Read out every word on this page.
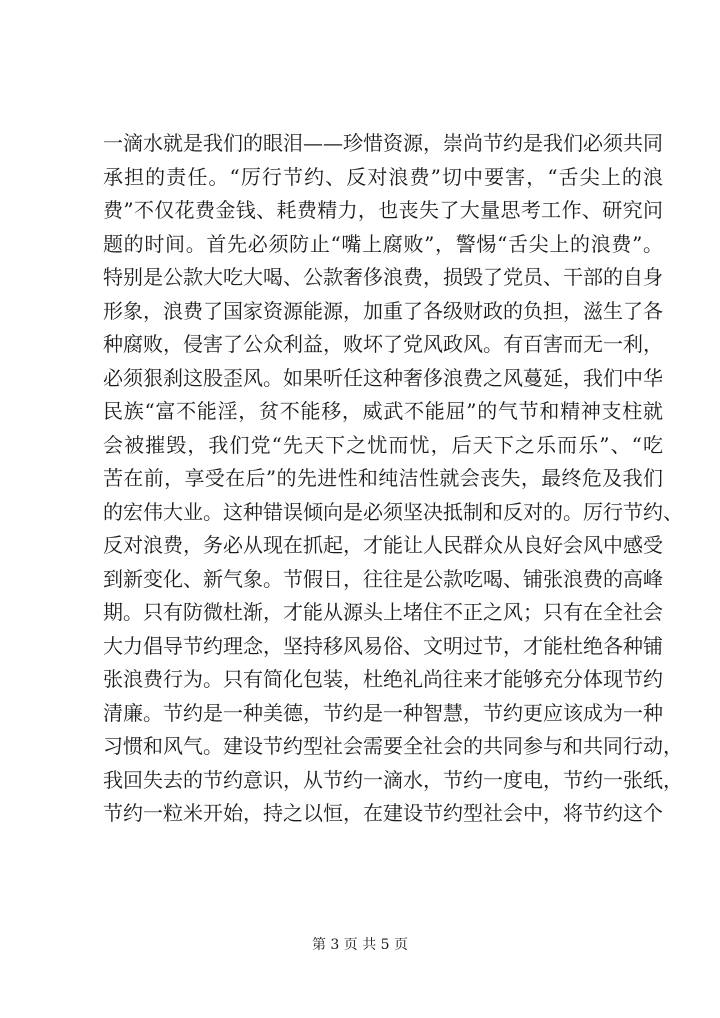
一滴水就是我们的眼泪——珍惜资源，崇尚节约是我们必须共同
承担的责任。“厉行节约、反对浪费”切中要害，“舌尖上的浪
费”不仅花费金钱、耗费精力，也丧失了大量思考工作、研究问
题的时间。首先必须防止“嘴上腐败”，警惕“舌尖上的浪费”。
特别是公款大吃大喝、公款奢侈浪费，损毁了党员、干部的自身
形象，浪费了国家资源能源，加重了各级财政的负担，滋生了各
种腐败，侵害了公众利益，败坏了党风政风。有百害而无一利，
必须狠刹这股歪风。如果听任这种奢侈浪费之风蔓延，我们中华
民族“富不能淫，贫不能移，威武不能屈”的气节和精神支柱就
会被摧毁，我们党“先天下之忧而忧，后天下之乐而乐”、“吃
苦在前，享受在后”的先进性和纯洁性就会丧失，最终危及我们
的宏伟大业。这种错误倾向是必须坚决抵制和反对的。厉行节约、
反对浪费，务必从现在抓起，才能让人民群众从良好会风中感受
到新变化、新气象。节假日，往往是公款吃喝、铺张浪费的高峰
期。只有防微杜渐，才能从源头上堵住不正之风；只有在全社会
大力倡导节约理念，坚持移风易俗、文明过节，才能杜绝各种铺
张浪费行为。只有简化包装，杜绝礼尚往来才能够充分体现节约
清廉。节约是一种美德，节约是一种智慧，节约更应该成为一种
习惯和风气。建设节约型社会需要全社会的共同参与和共同行动，
我回失去的节约意识，从节约一滴水，节约一度电，节约一张纸，
节约一粒米开始，持之以恒，在建设节约型社会中，将节约这个
第 3 页 共 5 页
